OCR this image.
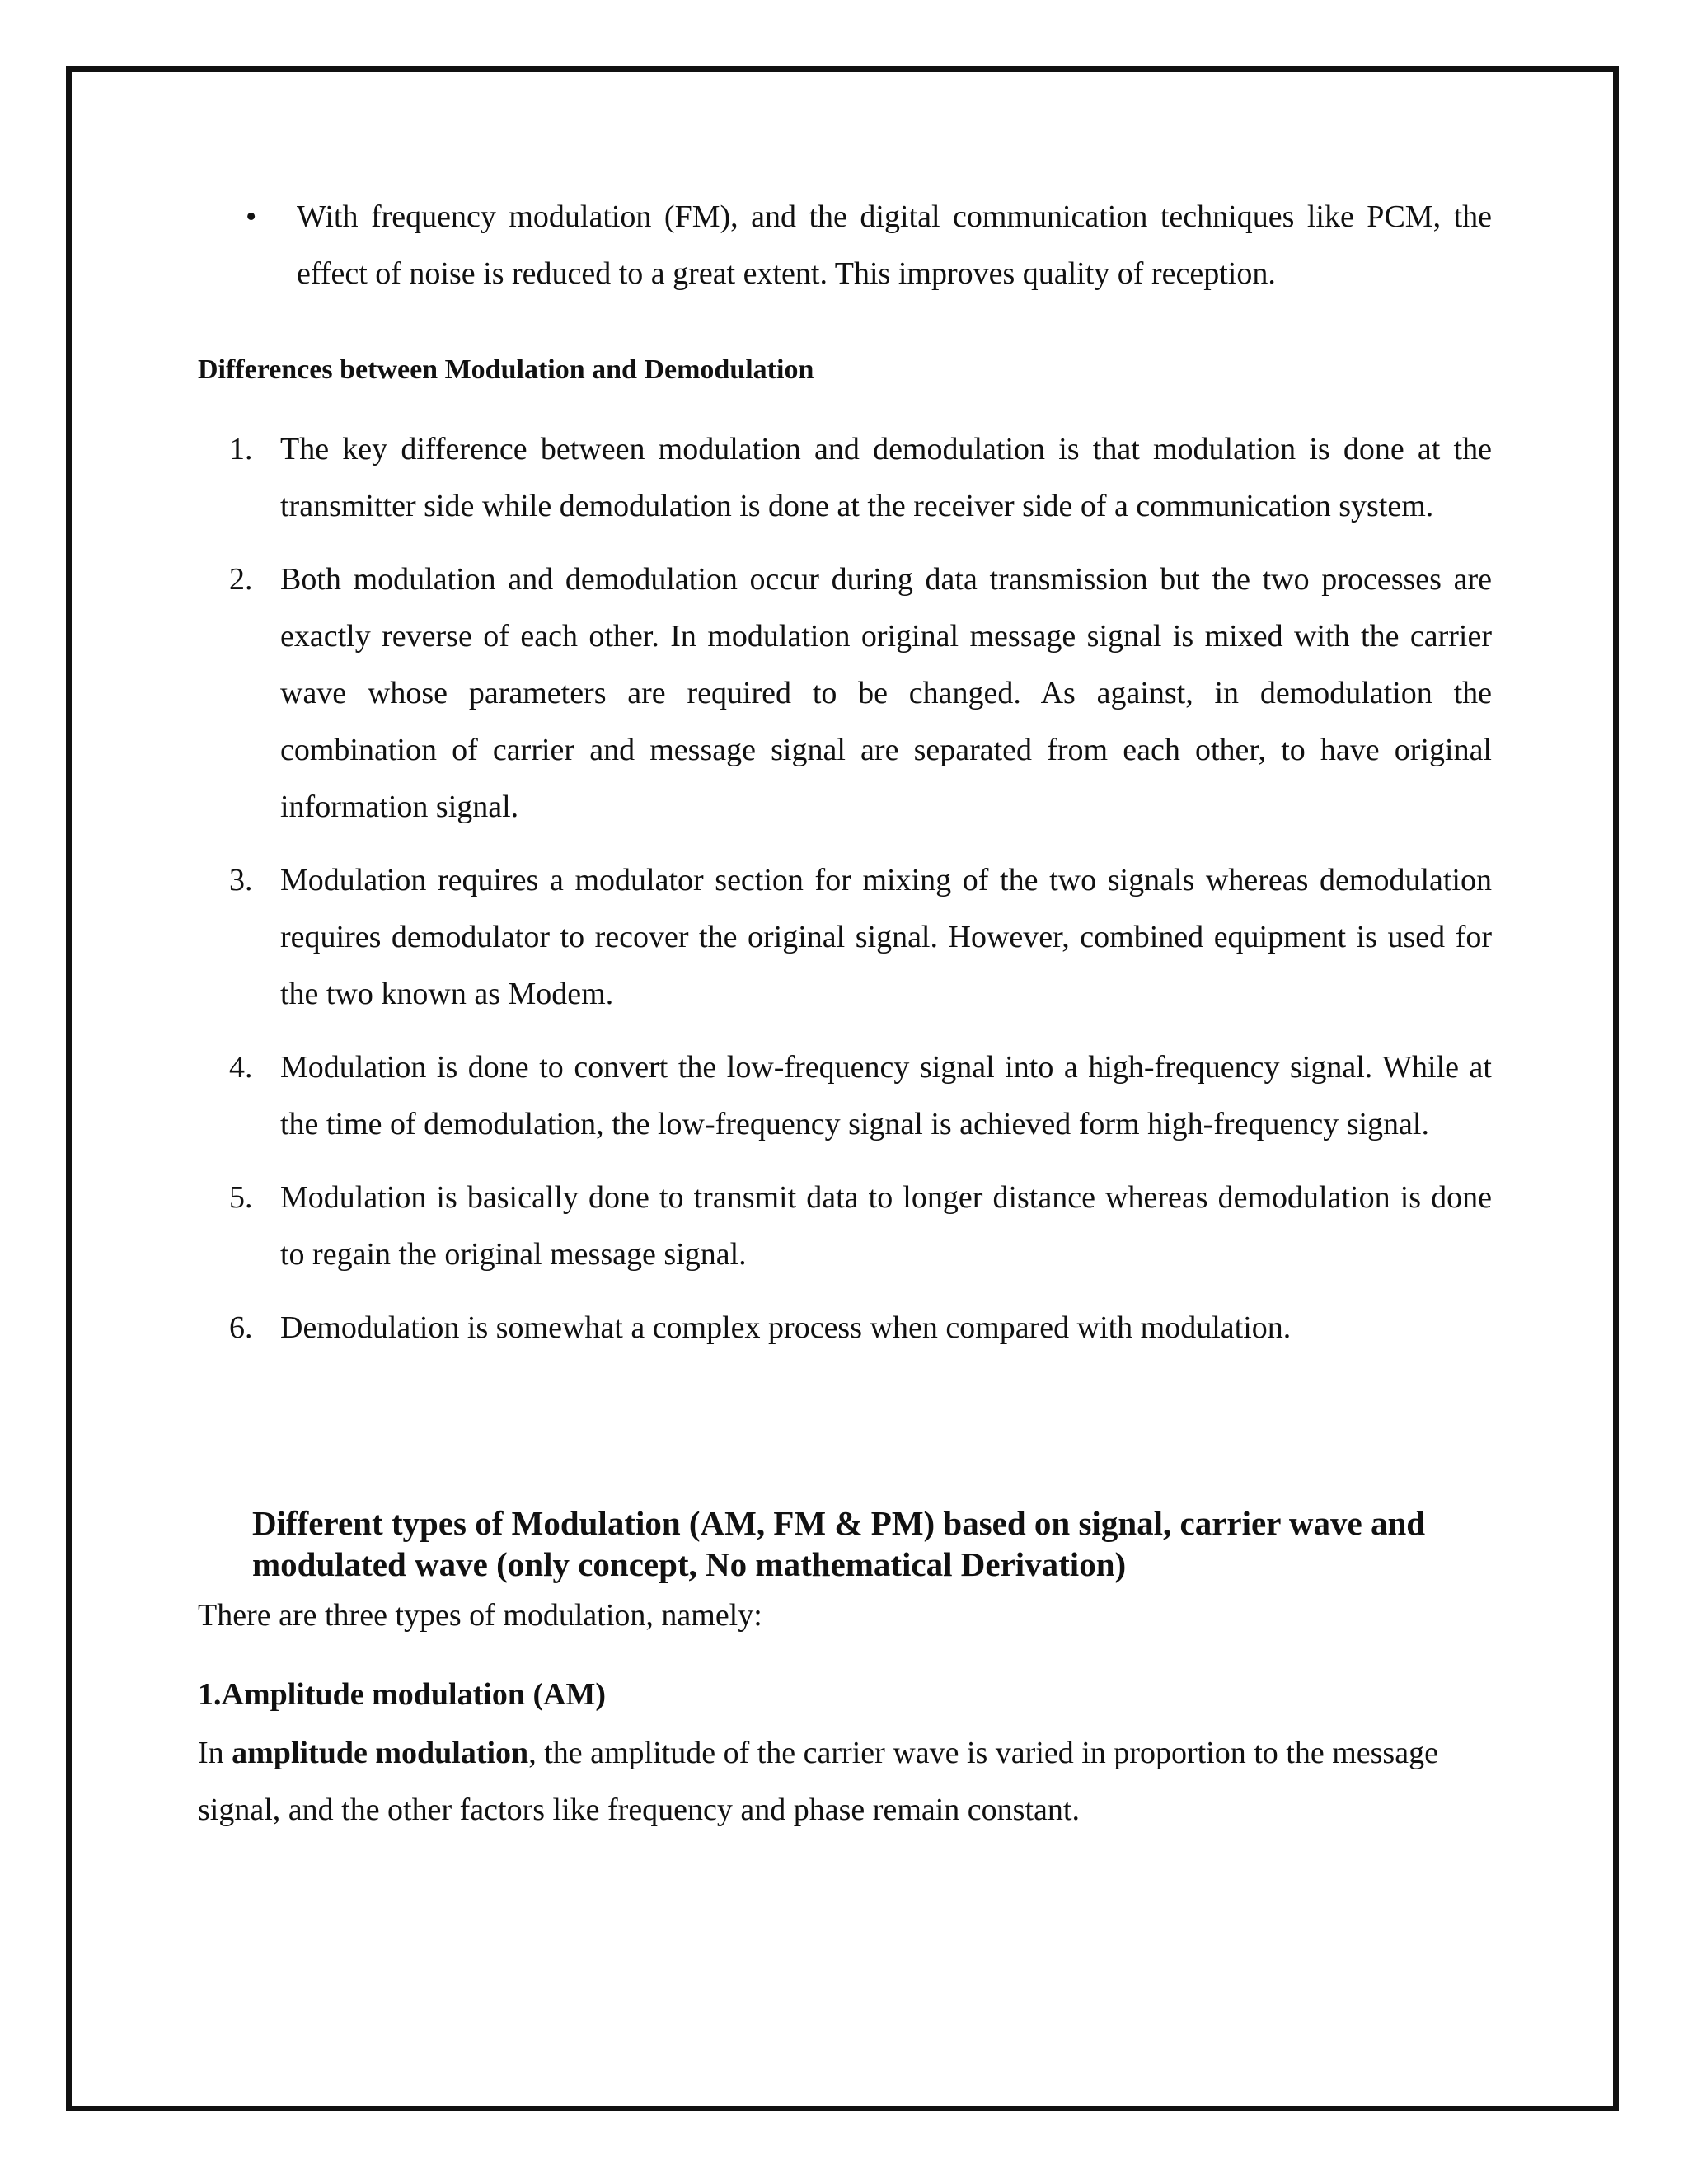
• With frequency modulation (FM), and the digital communication techniques like PCM, the effect of noise is reduced to a great extent. This improves quality of reception.
Differences between Modulation and Demodulation
1. The key difference between modulation and demodulation is that modulation is done at the transmitter side while demodulation is done at the receiver side of a communication system.
2. Both modulation and demodulation occur during data transmission but the two processes are exactly reverse of each other. In modulation original message signal is mixed with the carrier wave whose parameters are required to be changed. As against, in demodulation the combination of carrier and message signal are separated from each other, to have original information signal.
3. Modulation requires a modulator section for mixing of the two signals whereas demodulation requires demodulator to recover the original signal. However, combined equipment is used for the two known as Modem.
4. Modulation is done to convert the low-frequency signal into a high-frequency signal. While at the time of demodulation, the low-frequency signal is achieved form high-frequency signal.
5. Modulation is basically done to transmit data to longer distance whereas demodulation is done to regain the original message signal.
6. Demodulation is somewhat a complex process when compared with modulation.
Different types of Modulation (AM, FM & PM) based on signal, carrier wave and modulated wave (only concept, No mathematical Derivation)
There are three types of modulation, namely:
1.Amplitude modulation (AM)
In amplitude modulation, the amplitude of the carrier wave is varied in proportion to the message signal, and the other factors like frequency and phase remain constant.
